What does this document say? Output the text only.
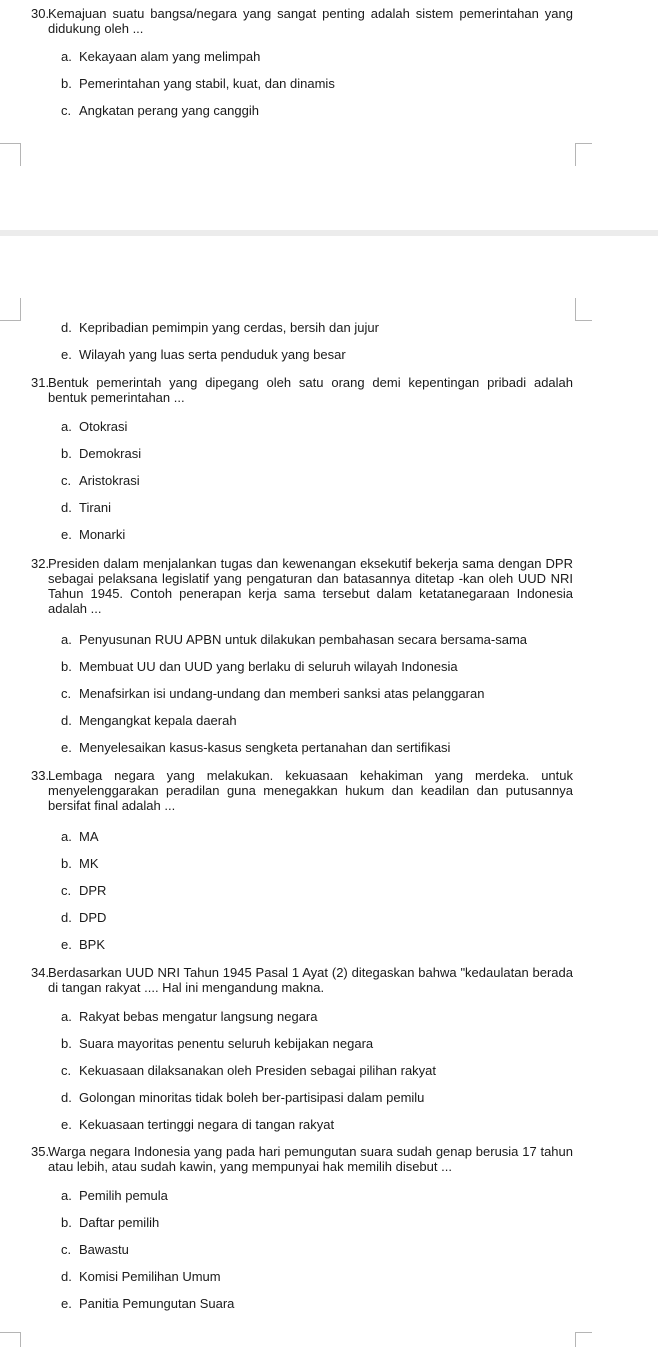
30.
Kemajuan suatu bangsa/negara yang sangat penting adalah sistem pemerintahan yang didukung oleh ...
a. Kekayaan alam yang melimpah
b. Pemerintahan yang stabil, kuat, dan dinamis
c. Angkatan perang yang canggih
d. Kepribadian pemimpin yang cerdas, bersih dan jujur
e. Wilayah yang luas serta penduduk yang besar
31.
Bentuk pemerintah yang dipegang oleh satu orang demi kepentingan pribadi adalah bentuk pemerintahan ...
a. Otokrasi
b. Demokrasi
c. Aristokrasi
d. Tirani
e. Monarki
32.
Presiden dalam menjalankan tugas dan kewenangan eksekutif bekerja sama dengan DPR sebagai pelaksana legislatif yang pengaturan dan batasannya ditetap -kan oleh UUD NRI Tahun 1945. Contoh penerapan kerja sama tersebut dalam ketatanegaraan Indonesia adalah ...
a. Penyusunan RUU APBN untuk dilakukan pembahasan secara bersama-sama
b. Membuat UU dan UUD yang berlaku di seluruh wilayah Indonesia
c. Menafsirkan isi undang-undang dan memberi sanksi atas pelanggaran
d. Mengangkat kepala daerah
e. Menyelesaikan kasus-kasus sengketa pertanahan dan sertifikasi
33.
Lembaga negara yang melakukan. kekuasaan kehakiman yang merdeka. untuk menyelenggarakan peradilan guna menegakkan hukum dan keadilan dan putusannya bersifat final adalah ...
a. MA
b. MK
c. DPR
d. DPD
e. BPK
34.
Berdasarkan UUD NRI Tahun 1945 Pasal 1 Ayat (2) ditegaskan bahwa "kedaulatan berada di tangan rakyat .... Hal ini mengandung makna.
a. Rakyat bebas mengatur langsung negara
b. Suara mayoritas penentu seluruh kebijakan negara
c. Kekuasaan dilaksanakan oleh Presiden sebagai pilihan rakyat
d. Golongan minoritas tidak boleh ber-partisipasi dalam pemilu
e. Kekuasaan tertinggi negara di tangan rakyat
35.
Warga negara Indonesia yang pada hari pemungutan suara sudah genap berusia 17 tahun atau lebih, atau sudah kawin, yang mempunyai hak memilih disebut ...
a. Pemilih pemula
b. Daftar pemilih
c. Bawastu
d. Komisi Pemilihan Umum
e. Panitia Pemungutan Suara
